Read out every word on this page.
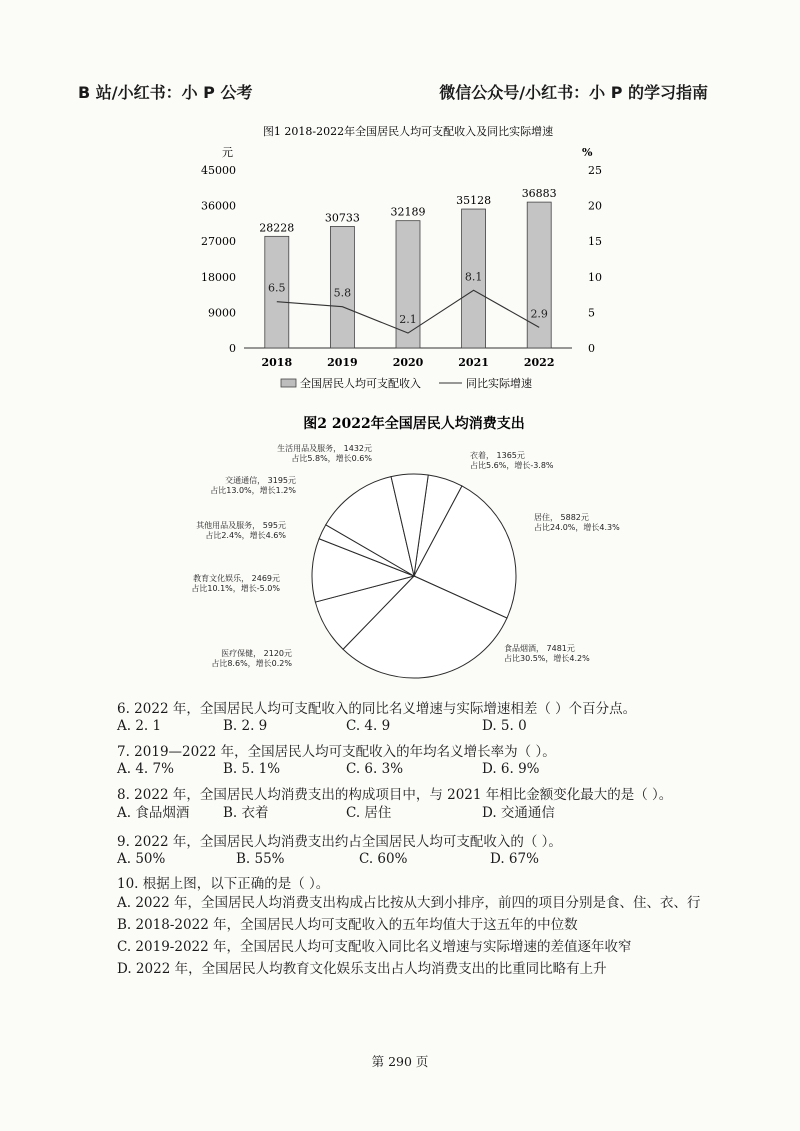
B 站/小红书：小 P 公考	微信公众号/小红书：小 P 的学习指南
图1 2018-2022年全国居民人均可支配收入及同比实际增速
元	%
0
9000
18000
27000
36000
45000
0
5
10
15
20
25
28228
30733	32189
35128
36883
6.5	5.8
2.1
8.1
2.9
2018	2019	2020	2021	2022
全国居民人均可支配收入	同比实际增速
图2 2022年全国居民人均消费支出
衣着， 1365元
占比5.6%，增长-3.8%
居住， 5882元
占比24.0%，增长4.3%
食品烟酒， 7481元
占比30.5%，增长4.2%
医疗保健， 2120元
占比8.6%，增长0.2%
教育文化娱乐， 2469元
占比10.1%，增长-5.0%
其他用品及服务， 595元
占比2.4%，增长4.6%
交通通信， 3195元
占比13.0%，增长1.2%
生活用品及服务， 1432元
占比5.8%，增长0.6%
6. 2022 年，全国居民人均可支配收入的同比名义增速与实际增速相差（ ）个百分点。
A. 2. 1	B. 2. 9	C. 4. 9	D. 5. 0
7. 2019—2022 年，全国居民人均可支配收入的年均名义增长率为（ ）。
A. 4. 7%	B. 5. 1%	C. 6. 3%	D. 6. 9%
8. 2022 年，全国居民人均消费支出的构成项目中，与 2021 年相比金额变化最大的是（ ）。
A. 食品烟酒 B. 衣着	C. 居住	D. 交通通信
9. 2022 年，全国居民人均消费支出约占全国居民人均可支配收入的（ ）。
A. 50%	B. 55%	C. 60%	D. 67%
10. 根据上图，以下正确的是（ ）。
A. 2022 年，全国居民人均消费支出构成占比按从大到小排序，前四的项目分别是食、住、衣、行
B. 2018-2022 年，全国居民人均可支配收入的五年均值大于这五年的中位数
C. 2019-2022 年，全国居民人均可支配收入同比名义增速与实际增速的差值逐年收窄
D. 2022 年，全国居民人均教育文化娱乐支出占人均消费支出的比重同比略有上升
第 290 页
